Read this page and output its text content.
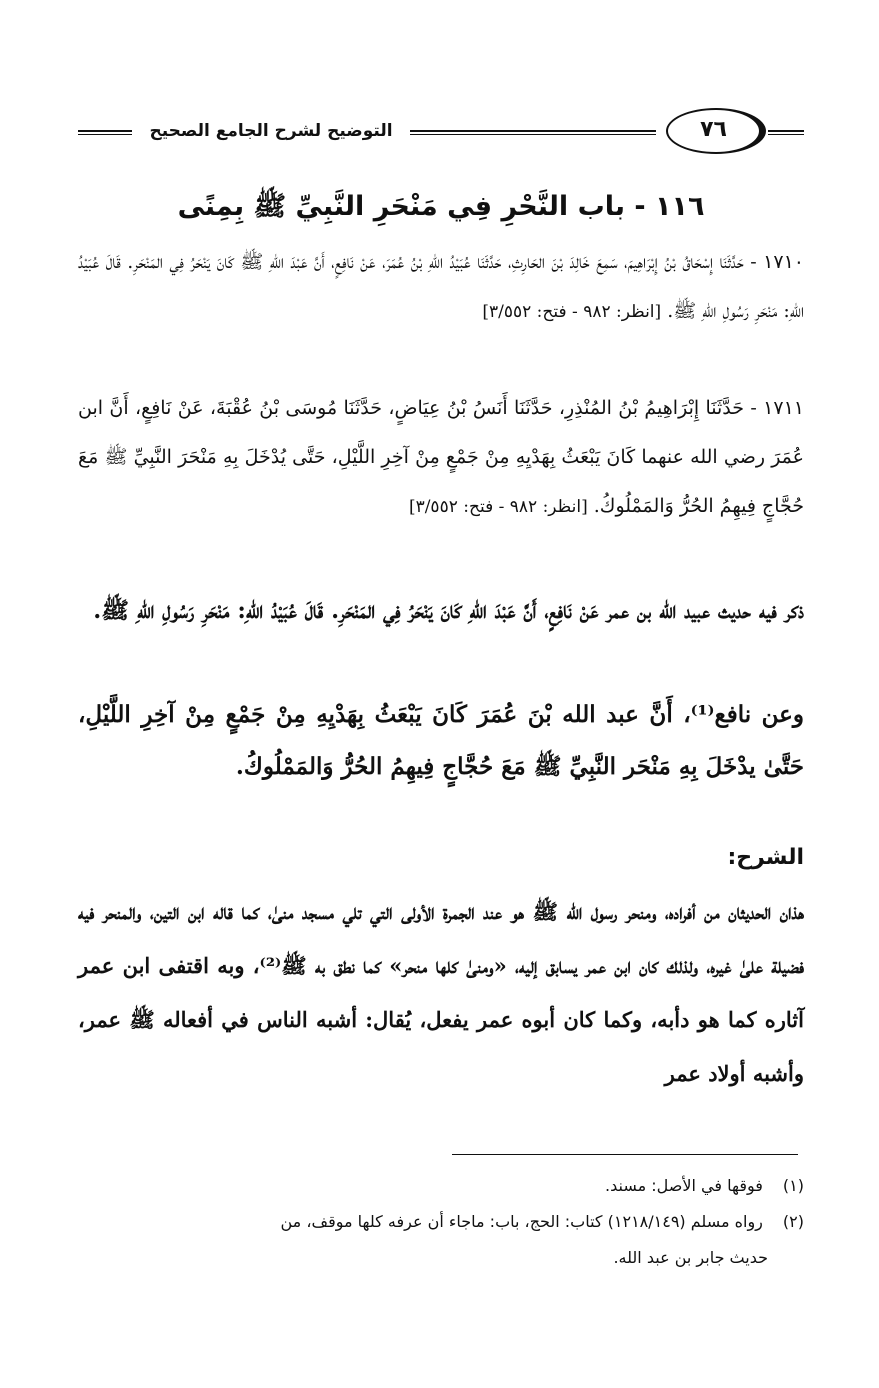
التوضيح لشرح الجامع الصحيح	٧٦
١١٦ - باب النَّحْرِ فِي مَنْحَرِ النَّبِيِّ ﷺ بِمِنًى
١٧١٠ - حَدَّثَنَا إِسْحَاقُ بْنُ إِبْرَاهِيمَ، سَمِعَ خَالِدَ بْنَ الحَارِثِ، حَدَّثَنَا عُبَيْدُ اللهِ بْنُ عُمَرَ، عَنْ نَافِعٍ، أَنَّ عَبْدَ اللهِ ﷺ كَانَ يَنْحَرُ فِي المَنْحَرِ. قَالَ عُبَيْدُ اللهِ: مَنْحَرِ رَسُولِ اللهِ ﷺ. [انظر: ٩٨٢ - فتح: ٣/٥٥٢]
١٧١١ - حَدَّثَنَا إِبْرَاهِيمُ بْنُ المُنْذِرِ، حَدَّثَنَا أَنَسُ بْنُ عِيَاضٍ، حَدَّثَنَا مُوسَى بْنُ عُقْبَةَ، عَنْ نَافِعٍ، أَنَّ ابن عُمَرَ رضي الله عنهما كَانَ يَبْعَثُ بِهَدْيِهِ مِنْ جَمْعٍ مِنْ آخِرِ اللَّيْلِ، حَتَّى يُدْخَلَ بِهِ مَنْحَرَ النَّبِيِّ ﷺ مَعَ حُجَّاجٍ فِيهِمُ الحُرُّ وَالمَمْلُوكُ. [انظر: ٩٨٢ - فتح: ٣/٥٥٢]
ذكر فيه حديث عبيد الله بن عمر عَنْ نَافِعٍ، أَنَّ عَبْدَ اللهِ كَانَ يَنْحَرُ فِي المَنْحَرِ. قَالَ عُبَيْدُ اللهِ: مَنْحَرِ رَسُولِ اللهِ ﷺ.
وعن نافع⁽¹⁾، أَنَّ عبد الله بْنَ عُمَرَ كَانَ يَبْعَثُ بِهَدْيِهِ مِنْ جَمْعٍ مِنْ آخِرِ اللَّيْلِ، حَتَّىٰ يدْخَلَ بِهِ مَنْحَر النَّبِيِّ ﷺ مَعَ حُجَّاجٍ فِيهِمُ الحُرُّ وَالمَمْلُوكُ.
الشرح:
هذان الحديثان من أفراده، ومنحر رسول الله ﷺ هو عند الجمرة الأولى التي تلي مسجد منىٰ، كما قاله ابن التين، والمنحر فيه فضيلة علىٰ غيره، ولذلك كان ابن عمر يسابق إليه، «ومنىٰ كلها منحر» كما نطق به ﷺ⁽²⁾، وبه اقتفى ابن عمر آثاره كما هو دأبه، وكما كان أبوه عمر يفعل، يُقال: أشبه الناس في أفعاله ﷺ عمر، وأشبه أولاد عمر

(١) فوقها في الأصل: مسند.

(٢) رواه مسلم (١٢١٨/١٤٩) كتاب: الحج، باب: ماجاء أن عرفه كلها موقف، من

حديث جابر بن عبد الله.
